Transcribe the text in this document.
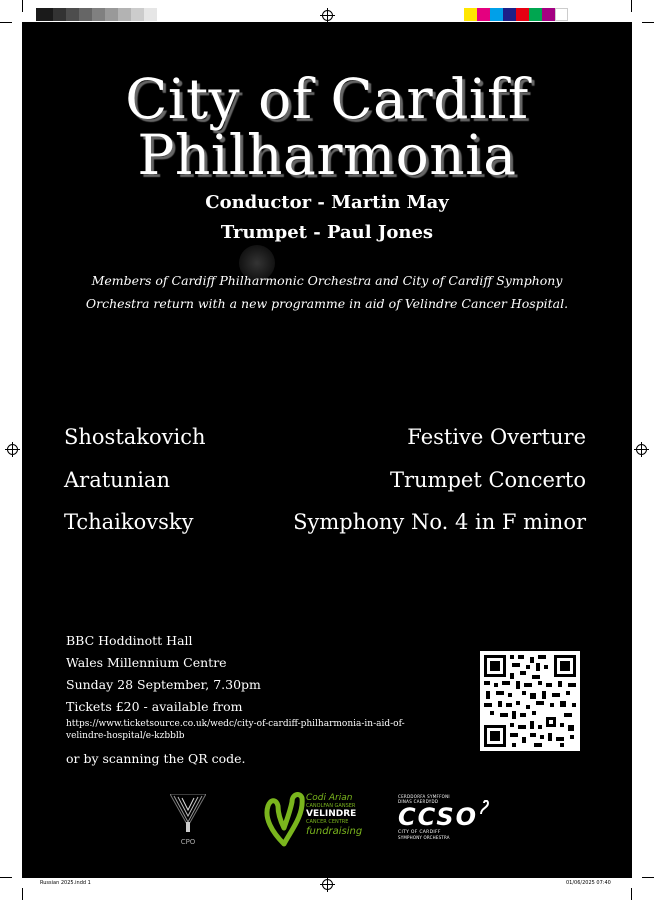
Russian 2025.indd 1	01/06/2025 07:40
City of Cardiff
Philharmonia
Conductor - Martin May
Trumpet - Paul Jones
Members of Cardiff Philharmonic Orchestra and City of Cardiff Symphony
Orchestra return with a new programme in aid of Velindre Cancer Hospital.
Shostakovich	Festive Overture
Aratunian	Trumpet Concerto
Tchaikovsky	Symphony No. 4 in F minor
BBC Hoddinott Hall
Wales Millennium Centre
Sunday 28 September, 7.30pm
Tickets £20 - available from
https://www.ticketsource.co.uk/wedc/city-of-cardiff-philharmonia-in-aid-of-
velindre-hospital/e-kzbblb
or by scanning the QR code.
CPO
Codi Arian
CANOLFAN GANSER
VELINDRE
CANCER CENTRE
fundraising
CERDDORFA SYMFFONI
DINAS CAERDYDD
CCSO
CITY OF CARDIFF
SYMPHONY ORCHESTRA
